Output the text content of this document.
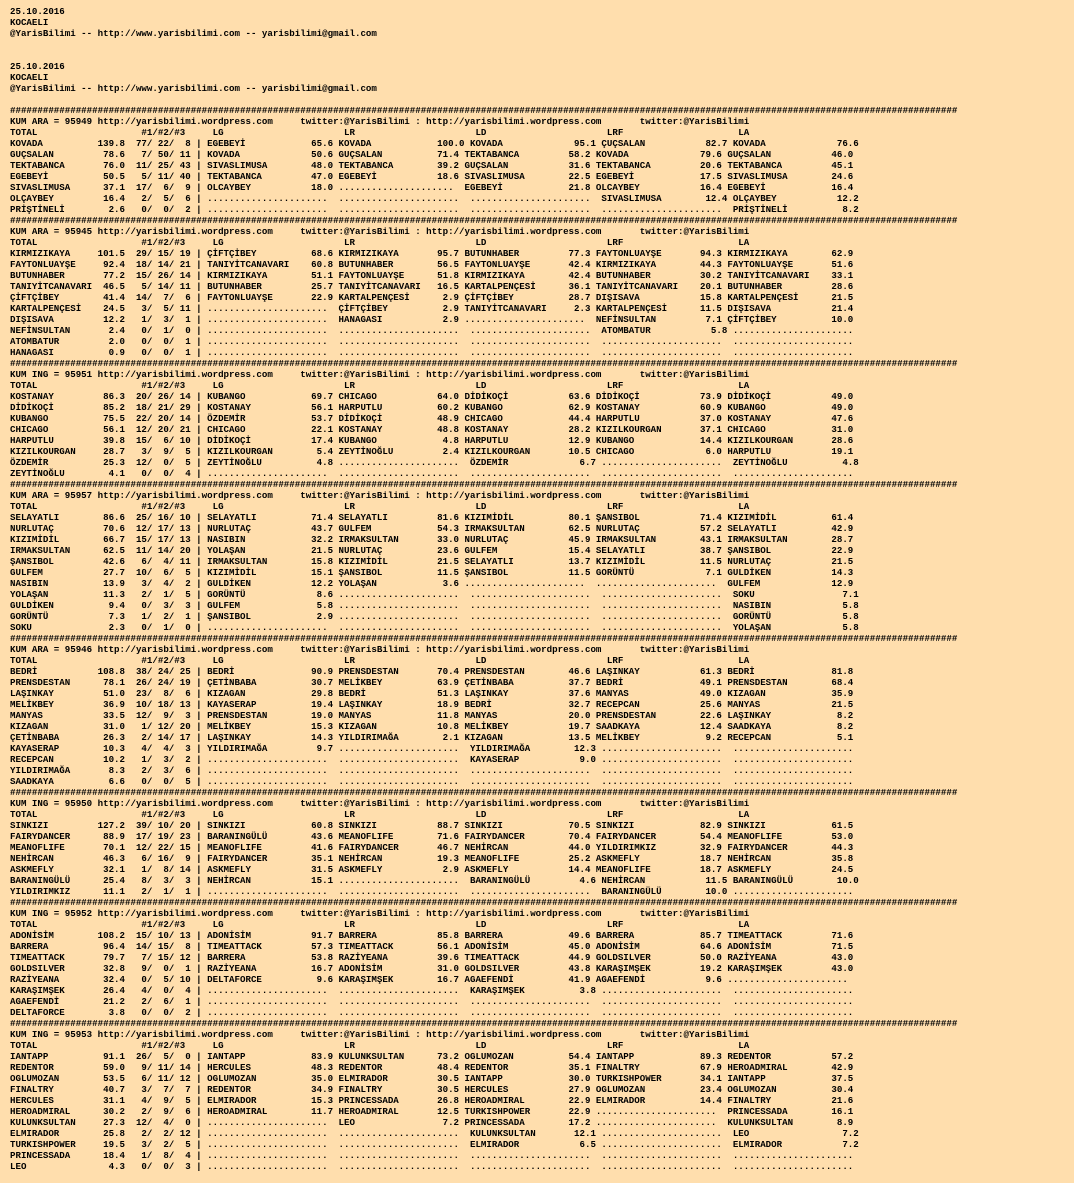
25.10.2016
KOCAELI
@YarisBilimi -- http://www.yarisbilimi.com -- yarisbilimi@gmail.com
25.10.2016
KOCAELI
@YarisBilimi -- http://www.yarisbilimi.com -- yarisbilimi@gmail.com
#############################################################################################################################################################################
KUM ARA = 95949 http://yarisbilimi.wordpress.com     twitter:@YarisBilimi : http://yarisbilimi.wordpress.com       twitter:@YarisBilimi
TOTAL                   #1/#2/#3     LG                      LR                      LD                      LRF                     LA
KOVADA          139.8  77/ 22/  8 | EGEBEYİ            65.6 KOVADA            100.0 KOVADA             95.1 ÇUÇSALAN           82.7 KOVADA             76.6
GUÇSALAN         78.6   7/ 50/ 11 | KOVADA             50.6 GUÇSALAN          71.4 TEKTABANCA         58.2 KOVADA             79.6 GUÇSALAN           46.0
TEKTABANCA       76.0  11/ 25/ 43 | SIVASLIMUSA        48.0 TEKTABANCA        39.2 GUÇSALAN           31.6 TEKTABANCA         20.6 TEKTABANCA         45.1
EGEBEYİ          50.5   5/ 11/ 40 | TEKTABANCA         47.0 EGEBEYİ           18.6 SIVASLIMUSA        22.5 EGEBEYİ            17.5 SIVASLIMUSA        24.6
SIVASLIMUSA      37.1  17/  6/  9 | OLCAYBEY           18.0 .....................  EGEBEYİ            21.8 OLCAYBEY           16.4 EGEBEYİ            16.4
OLÇAYBEY         16.4   2/  5/  6 | ......................  ......................  ......................  SIVASLIMUSA        12.4 OLÇAYBEY           12.2
PRİŞTİNELİ        2.6   0/  0/  2 | ......................  ......................  ......................  ......................  PRİŞTİNELİ          8.2
#############################################################################################################################################################################
KUM ARA = 95945 http://yarisbilimi.wordpress.com     twitter:@YarisBilimi : http://yarisbilimi.wordpress.com       twitter:@YarisBilimi
TOTAL                   #1/#2/#3     LG                      LR                      LD                      LRF                     LA
KIRMIZIKAYA     101.5  29/ 15/ 19 | ÇİFTÇİBEY          68.6 KIRMIZIKAYA       95.7 BUTUNHABER         77.3 FAYTONLUAYŞE       94.3 KIRMIZIKAYA        62.9
FAYTONLUAYŞE     92.4  18/ 14/ 21 | TANIYİTCANAVARI    60.8 BUTUNHABER        56.5 FAYTONLUAYŞE       42.4 KIRMIZIKAYA        44.3 FAYTONLUAYŞE       51.6
BUTUNHABER       77.2  15/ 26/ 14 | KIRMIZIKAYA        51.1 FAYTONLUAYŞE      51.8 KIRMIZIKAYA        42.4 BUTUNHABER         30.2 TANIYİTCANAVARI    33.1
TANIYİTCANAVARI  46.5   5/ 14/ 11 | BUTUNHABER         25.7 TANIYİTCANAVARI   16.5 KARTALPENÇESİ      36.1 TANIYİTCANAVARI    20.1 BUTUNHABER         28.6
ÇİFTÇİBEY        41.4  14/  7/  6 | FAYTONLUAYŞE       22.9 KARTALPENÇESİ      2.9 ÇİFTÇİBEY          28.7 DIŞISAVA           15.8 KARTALPENÇESİ      21.5
KARTALPENÇESİ    24.5   3/  5/ 11 | ......................  ÇİFTÇİBEY          2.9 TANIYİTCANAVARI     2.3 KARTALPENÇESİ      11.5 DIŞISAVA           21.4
DIŞISAVA         12.2   1/  3/  1 | ......................  HANAGASI           2.9 ......................  NEFİNSULTAN         7.1 ÇİFTÇİBEY          10.0
NEFİNSULTAN       2.4   0/  1/  0 | ......................  ......................  ......................  ATOMBATUR           5.8 ......................
ATOMBATUR         2.0   0/  0/  1 | ......................  ......................  ......................  ......................  ......................
HANAGASI          0.9   0/  0/  1 | ......................  ......................  ......................  ......................  ......................
#############################################################################################################################################################################
KUM ING = 95951 http://yarisbilimi.wordpress.com     twitter:@YarisBilimi : http://yarisbilimi.wordpress.com       twitter:@YarisBilimi
TOTAL                   #1/#2/#3     LG                      LR                      LD                      LRF                     LA
KOSTANAY         86.3  20/ 26/ 14 | KUBANGO            69.7 CHICAGO           64.0 DİDİKOÇİ           63.6 DİDİKOÇİ           73.9 DİDİKOÇİ           49.0
DİDİKOÇİ         85.2  18/ 21/ 29 | KOSTANAY           56.1 HARPUTLU          60.2 KUBANGO            62.9 KOSTANAY           60.9 KUBANGO            49.0
KUBANGO          75.5  22/ 20/ 14 | ÖZDEMİR            53.7 DİDİKOÇİ          48.9 CHICAGO            44.4 HARPUTLU           37.0 KOSTANAY           47.6
CHICAGO          56.1  12/ 20/ 21 | CHICAGO            22.1 KOSTANAY          48.8 KOSTANAY           28.2 KIZILKOURGAN       37.1 CHICAGO            31.0
HARPUTLU         39.8  15/  6/ 10 | DİDİKOÇİ           17.4 KUBANGO            4.8 HARPUTLU           12.9 KUBANGO            14.4 KIZILKOURGAN       28.6
KIZILKOURGAN     28.7   3/  9/  5 | KIZILKOURGAN        5.4 ZEYTİNOĞLU         2.4 KIZILKOURGAN       10.5 CHICAGO             6.0 HARPUTLU           19.1
ÖZDEMİR          25.3  12/  0/  5 | ZEYTİNOĞLU          4.8 ......................  ÖZDEMİR             6.7 ......................  ZEYTİNOĞLU          4.8
ZEYTİNOĞLU        4.1   0/  0/  4 | ......................  ......................  ......................  ......................  ......................
#############################################################################################################################################################################
KUM ARA = 95957 http://yarisbilimi.wordpress.com     twitter:@YarisBilimi : http://yarisbilimi.wordpress.com       twitter:@YarisBilimi
TOTAL                   #1/#2/#3     LG                      LR                      LD                      LRF                     LA
SELAYATLI        86.6  25/ 16/ 10 | SELAYATLI          71.4 SELAYATLI         81.6 KIZIMİDİL          80.1 ŞANSIBOL           71.4 KIZIMİDİL          61.4
NURLUTAÇ         70.6  12/ 17/ 13 | NURLUTAÇ           43.7 GULFEM            54.3 IRMAKSULTAN        62.5 NURLUTAÇ           57.2 SELAYATLI          42.9
KIZIMİDİL        66.7  15/ 17/ 13 | NASIBIN            32.2 IRMAKSULTAN       33.0 NURLUTAÇ           45.9 IRMAKSULTAN        43.1 IRMAKSULTAN        28.7
IRMAKSULTAN      62.5  11/ 14/ 20 | YOLAŞAN            21.5 NURLUTAÇ          23.6 GULFEM             15.4 SELAYATLI          38.7 ŞANSIBOL           22.9
ŞANSIBOL         42.6   6/  4/ 11 | IRMAKSULTAN        15.8 KIZIMİDİL         21.5 SELAYATLI          13.7 KIZIMİDİL          11.5 NURLUTAÇ           21.5
GULFEM           27.7  10/  6/  5 | KIZIMİDİL          15.1 ŞANSIBOL          11.5 ŞANSIBOL           11.5 GORÜNTÜ             7.1 GULDİKEN           14.3
NASIBIN          13.9   3/  4/  2 | GULDİKEN           12.2 YOLAŞAN            3.6 ......................  ......................  GULFEM             12.9
YOLAŞAN          11.3   2/  1/  5 | GORÜNTÜ             8.6 ......................  ......................  ......................  SOKU                7.1
GULDİKEN          9.4   0/  3/  3 | GULFEM              5.8 ......................  ......................  ......................  NASIBIN             5.8
GORÜNTÜ           7.3   1/  2/  1 | ŞANSIBOL            2.9 ......................  ......................  ......................  GORÜNTÜ             5.8
SOKU              2.3   0/  1/  0 | ......................  ......................  ......................  ......................  YOLAŞAN             5.8
#############################################################################################################################################################################
KUM ARA = 95946 http://yarisbilimi.wordpress.com     twitter:@YarisBilimi : http://yarisbilimi.wordpress.com       twitter:@YarisBilimi
TOTAL                   #1/#2/#3     LG                      LR                      LD                      LRF                     LA
BEDRİ           108.8  38/ 24/ 25 | BEDRİ              90.9 PRENSDESTAN       70.4 PRENSDESTAN        46.6 LAŞINKAY           61.3 BEDRİ              81.8
PRENSDESTAN      78.1  26/ 24/ 19 | ÇETİNBABA          30.7 MELİKBEY          63.9 ÇETİNBABA          37.7 BEDRİ              49.1 PRENSDESTAN        68.4
LAŞINKAY         51.0  23/  8/  6 | KIZAGAN            29.8 BEDRİ             51.3 LAŞINKAY           37.6 MANYAS             49.0 KIZAGAN            35.9
MELİKBEY         36.9  10/ 18/ 13 | KAYASERAP          19.4 LAŞINKAY          18.9 BEDRİ              32.7 RECEPCAN           25.6 MANYAS             21.5
MANYAS           33.5  12/  9/  3 | PRENSDESTAN        19.0 MANYAS            11.8 MANYAS             20.0 PRENSDESTAN        22.6 LAŞINKAY            8.2
KIZAGAN          31.0   1/ 12/ 20 | MELİKBEY           15.3 KIZAGAN           10.8 MELİKBEY           19.7 SAADKAYA           12.4 SAADKAYA            8.2
ÇETİNBABA        26.3   2/ 14/ 17 | LAŞINKAY           14.3 YILDIRIMAĞA        2.1 KIZAGAN            13.5 MELİKBEY            9.2 RECEPCAN            5.1
KAYASERAP        10.3   4/  4/  3 | YILDIRIMAĞA         9.7 ......................  YILDIRIMAĞA        12.3 ......................  ......................
RECEPCAN         10.2   1/  3/  2 | ......................  ......................  KAYASERAP           9.0 ......................  ......................
YILDIRIMAĞA       8.3   2/  3/  6 | ......................  ......................  ......................  ......................  ......................
SAADKAYA          6.6   0/  0/  5 | ......................  ......................  ......................  ......................  ......................
#############################################################################################################################################################################
KUM ING = 95950 http://yarisbilimi.wordpress.com     twitter:@YarisBilimi : http://yarisbilimi.wordpress.com       twitter:@YarisBilimi
TOTAL                   #1/#2/#3     LG                      LR                      LD                      LRF                     LA
SINKIZI         127.2  39/ 10/ 20 | SINKIZI            60.8 SINKIZI           88.7 SINKIZI            70.5 SINKIZI            82.9 SINKIZI            61.5
FAIRYDANCER      88.9  17/ 19/ 23 | BARANINGÜLÜ        43.6 MEANOFLIFE        71.6 FAIRYDANCER        70.4 FAIRYDANCER        54.4 MEANOFLIFE         53.0
MEANOFLIFE       70.1  12/ 22/ 15 | MEANOFLIFE         41.6 FAIRYDANCER       46.7 NEHİRCAN           44.0 YILDIRIMKIZ        32.9 FAIRYDANCER        44.3
NEHİRCAN         46.3   6/ 16/  9 | FAIRYDANCER        35.1 NEHİRCAN          19.3 MEANOFLIFE         25.2 ASKMEFLY           18.7 NEHİRCAN           35.8
ASKMEFLY         32.1   1/  8/ 14 | ASKMEFLY           31.5 ASKMEFLY           2.9 ASKMEFLY           14.4 MEANOFLIFE         18.7 ASKMEFLY           24.5
BARANINGÜLÜ      25.4   8/  3/  3 | NEHİRCAN           15.1 ......................  BARANINGÜLÜ         4.6 NEHİRCAN           11.5 BARANINGÜLÜ        10.0
YILDIRIMKIZ      11.1   2/  1/  1 | ......................  ......................  ......................  BARANINGÜLÜ        10.0 ......................
#############################################################################################################################################################################
KUM ING = 95952 http://yarisbilimi.wordpress.com     twitter:@YarisBilimi : http://yarisbilimi.wordpress.com       twitter:@YarisBilimi
TOTAL                   #1/#2/#3     LG                      LR                      LD                      LRF                     LA
ADONİSİM        108.2  15/ 10/ 13 | ADONİSİM           91.7 BARRERA           85.8 BARRERA            49.6 BARRERA            85.7 TIMEATTACK         71.6
BARRERA          96.4  14/ 15/  8 | TIMEATTACK         57.3 TIMEATTACK        56.1 ADONİSİM           45.0 ADONİSİM           64.6 ADONİSİM           71.5
TIMEATTACK       79.7   7/ 15/ 12 | BARRERA            53.8 RAZİYEANA         39.6 TIMEATTACK         44.9 GOLDSILVER         50.0 RAZİYEANA          43.0
GOLDSILVER       32.8   9/  0/  1 | RAZİYEANA          16.7 ADONİSİM          31.0 GOLDSILVER         43.8 KARAŞIMŞEK         19.2 KARAŞIMŞEK         43.0
RAZİYEANA        32.4   0/  5/ 10 | DELTAFORCE          9.6 KARAŞIMŞEK        16.7 AGAEFENDİ          41.9 AGAEFENDİ           9.6 ......................
KARAŞIMŞEK       26.4   4/  0/  4 | ......................  ......................  KARAŞIMŞEK          3.8 ......................  ......................
AGAEFENDİ        21.2   2/  6/  1 | ......................  ......................  ......................  ......................  ......................
DELTAFORCE        3.8   0/  0/  2 | ......................  ......................  ......................  ......................  ......................
#############################################################################################################################################################################
KUM ING = 95953 http://yarisbilimi.wordpress.com     twitter:@YarisBilimi : http://yarisbilimi.wordpress.com       twitter:@YarisBilimi
TOTAL                   #1/#2/#3     LG                      LR                      LD                      LRF                     LA
IANTAPP          91.1  26/  5/  0 | IANTAPP            83.9 KULUNKSULTAN      73.2 OGLUMOZAN          54.4 IANTAPP            89.3 REDENTOR           57.2
REDENTOR         59.0   9/ 11/ 14 | HERCULES           48.3 REDENTOR          48.4 REDENTOR           35.1 FINALTRY           67.9 HEROADMIRAL        42.9
OGLUMOZAN        53.5   6/ 11/ 12 | OGLUMOZAN          35.0 ELMIRADOR         30.5 IANTAPP            30.0 TURKISHPOWER       34.1 IANTAPP            37.5
FINALTRY         40.7   3/  7/  7 | REDENTOR           34.9 FINALTRY          30.5 HERCULES           27.9 OGLUMOZAN          23.4 OGLUMOZAN          30.4
HERCULES         31.1   4/  9/  5 | ELMIRADOR          15.3 PRINCESSADA       26.8 HEROADMIRAL        22.9 ELMIRADOR          14.4 FINALTRY           21.6
HEROADMIRAL      30.2   2/  9/  6 | HEROADMIRAL        11.7 HEROADMIRAL       12.5 TURKISHPOWER       22.9 ......................  PRINCESSADA        16.1
KULUNKSULTAN     27.3  12/  4/  0 | ......................  LEO                7.2 PRINCESSADA        17.2 ......................  KULUNKSULTAN        8.9
ELMIRADOR        25.8   2/  2/ 12 | ......................  ......................  KULUNKSULTAN       12.1 ......................  LEO                 7.2
TURKISHPOWER     19.5   3/  2/  5 | ......................  ......................  ELMIRADOR           6.5 ......................  ELMIRADOR           7.2
PRINCESSADA      18.4   1/  8/  4 | ......................  ......................  ......................  ......................  ......................
LEO               4.3   0/  0/  3 | ......................  ......................  ......................  ......................  ......................
